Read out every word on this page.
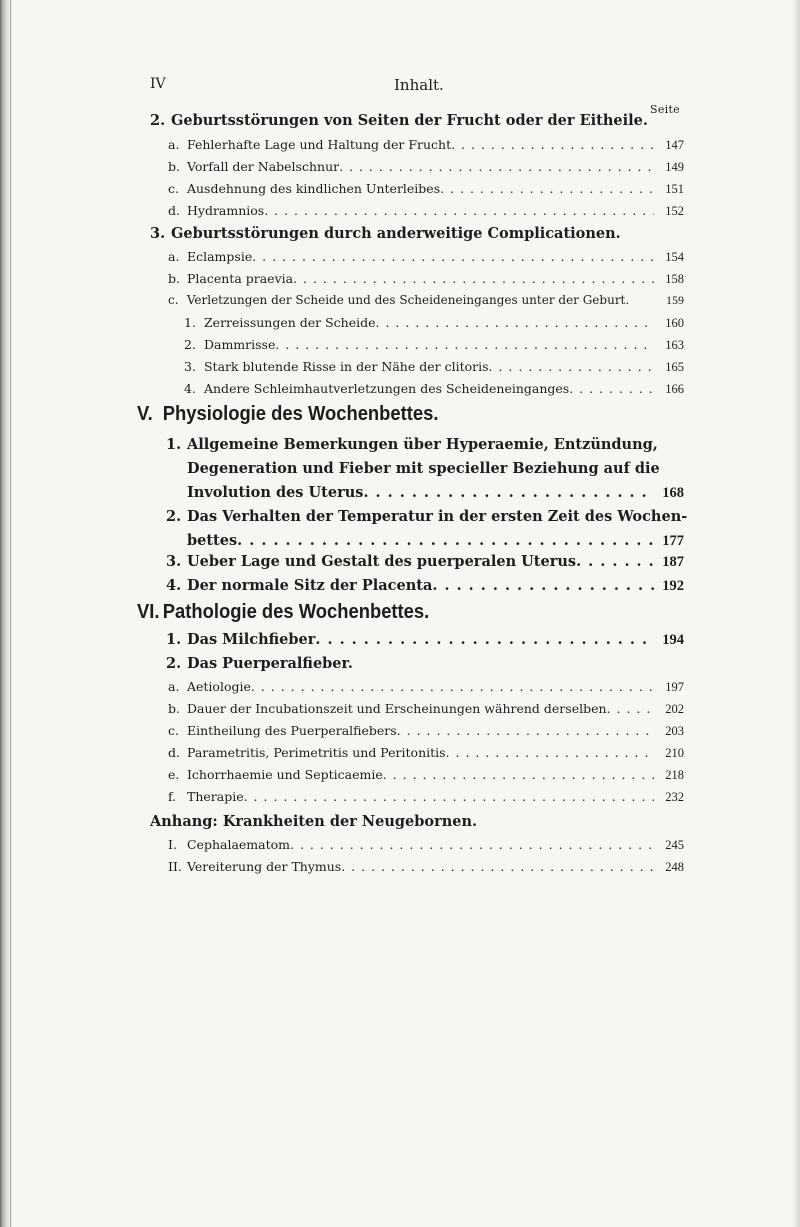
IV	Inhalt.
Seite
2. Geburtsstörungen von Seiten der Frucht oder der Eitheile.
a. Fehlerhafte Lage und Haltung der Frucht . . .	147
b. Vorfall der Nabelschnur . . .	149
c. Ausdehnung des kindlichen Unterleibes . . .	151
d. Hydramnios . . .	152
3. Geburtsstörungen durch anderweitige Complicationen.
a. Eclampsie . . .	154
b. Placenta praevia . . .	158
c. Verletzungen der Scheide und des Scheideneinganges unter der Geburt.	159
1. Zerreissungen der Scheide . . .	160
2. Dammrisse . . .	163
3. Stark blutende Risse in der Nähe der clitoris . . .	165
4. Andere Schleimhautverletzungen des Scheideneinganges . . .	166
V. Physiologie des Wochenbettes.
1. Allgemeine Bemerkungen über Hyperaemie, Entzündung,
Degeneration und Fieber mit specieller Beziehung auf die
Involution des Uterus . . .	168
2. Das Verhalten der Temperatur in der ersten Zeit des Wochen-
bettes . . .	177
3. Ueber Lage und Gestalt des puerperalen Uterus . . .	187
4. Der normale Sitz der Placenta . . .	192
VI. Pathologie des Wochenbettes.
1. Das Milchfieber . . .	194
2. Das Puerperalfieber.
a. Aetiologie . . .	197
b. Dauer der Incubationszeit und Erscheinungen während derselben . . .	202
c. Eintheilung des Puerperalfiebers . . .	203
d. Parametritis, Perimetritis und Peritonitis . . .	210
e. Ichorrhaemie und Septicaemie . . .	218
f. Therapie . . .	232
Anhang: Krankheiten der Neugebornen.
I. Cephalaematom . . .	245
II. Vereiterung der Thymus . . .	248
